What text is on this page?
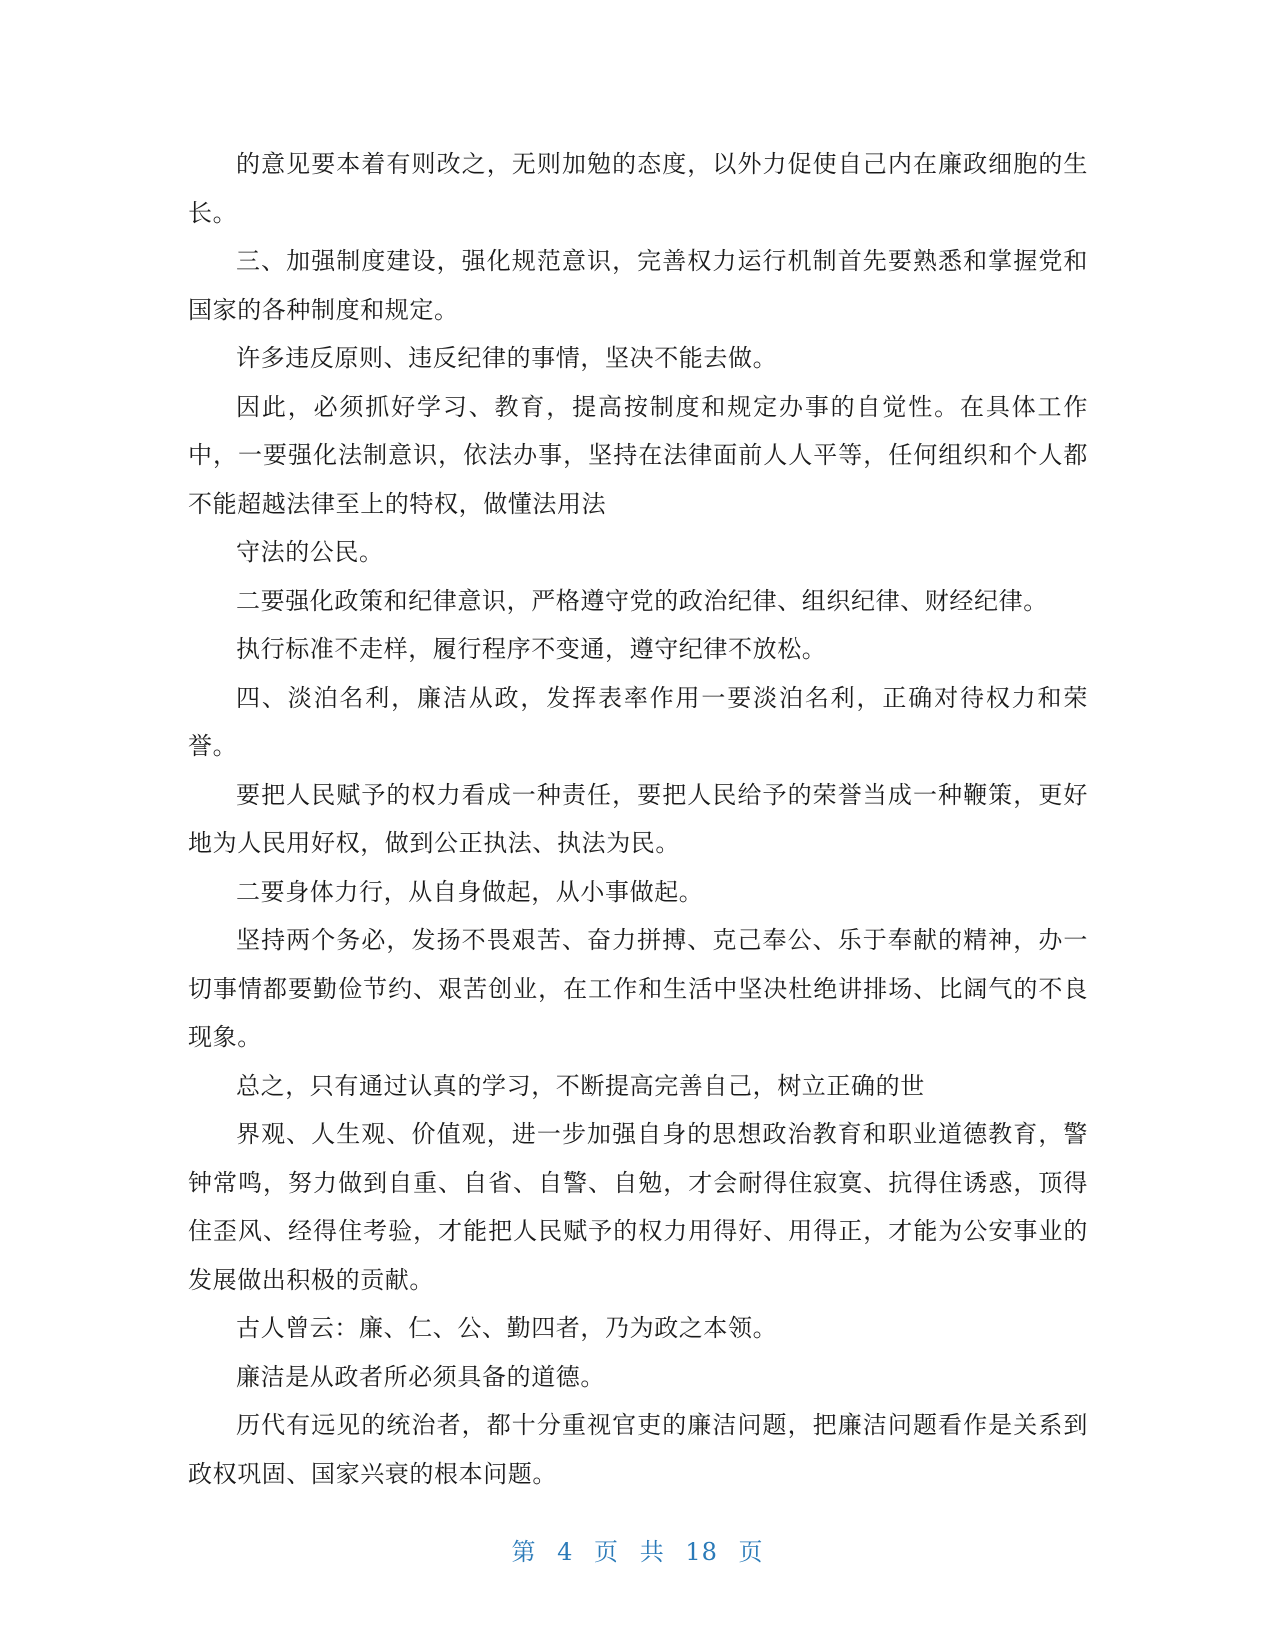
的意见要本着有则改之，无则加勉的态度，以外力促使自己内在廉政细胞的生长。

三、加强制度建设，强化规范意识，完善权力运行机制首先要熟悉和掌握党和国家的各种制度和规定。

许多违反原则、违反纪律的事情，坚决不能去做。

因此，必须抓好学习、教育，提高按制度和规定办事的自觉性。在具体工作中，一要强化法制意识，依法办事，坚持在法律面前人人平等，任何组织和个人都不能超越法律至上的特权，做懂法用法

守法的公民。

二要强化政策和纪律意识，严格遵守党的政治纪律、组织纪律、财经纪律。

执行标准不走样，履行程序不变通，遵守纪律不放松。

四、淡泊名利，廉洁从政，发挥表率作用一要淡泊名利，正确对待权力和荣誉。

要把人民赋予的权力看成一种责任，要把人民给予的荣誉当成一种鞭策，更好地为人民用好权，做到公正执法、执法为民。

二要身体力行，从自身做起，从小事做起。

坚持两个务必，发扬不畏艰苦、奋力拼搏、克己奉公、乐于奉献的精神，办一切事情都要勤俭节约、艰苦创业，在工作和生活中坚决杜绝讲排场、比阔气的不良现象。

总之，只有通过认真的学习，不断提高完善自己，树立正确的世

界观、人生观、价值观，进一步加强自身的思想政治教育和职业道德教育，警钟常鸣，努力做到自重、自省、自警、自勉，才会耐得住寂寞、抗得住诱惑，顶得住歪风、经得住考验，才能把人民赋予的权力用得好、用得正，才能为公安事业的发展做出积极的贡献。

古人曾云：廉、仁、公、勤四者，乃为政之本领。

廉洁是从政者所必须具备的道德。

历代有远见的统治者，都十分重视官吏的廉洁问题，把廉洁问题看作是关系到政权巩固、国家兴衰的根本问题。

第 4 页 共 18 页
